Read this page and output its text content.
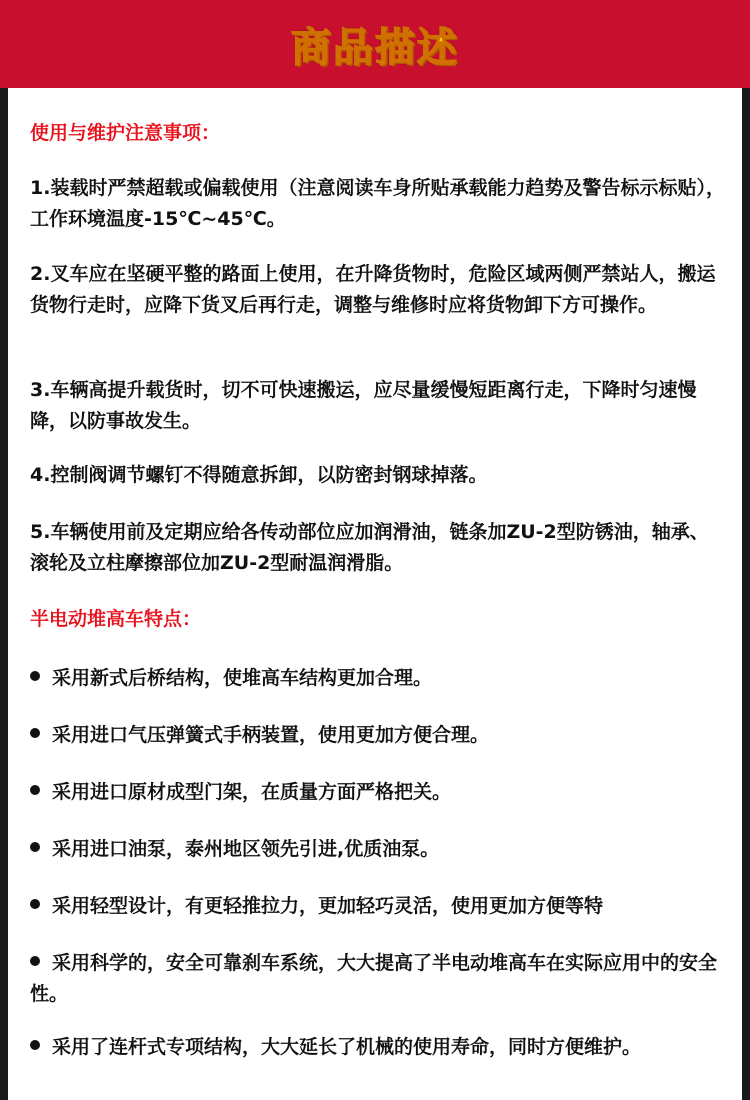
商品描述
使用与维护注意事项：
1.装载时严禁超载或偏载使用（注意阅读车身所贴承载能力趋势及警告标示标贴），工作环境温度-15℃~45℃。
2.叉车应在坚硬平整的路面上使用，在升降货物时，危险区域两侧严禁站人，搬运货物行走时，应降下货叉后再行走，调整与维修时应将货物卸下方可操作。
3.车辆高提升载货时，切不可快速搬运，应尽量缓慢短距离行走，下降时匀速慢降，以防事故发生。
4.控制阀调节螺钉不得随意拆卸，以防密封钢球掉落。
5.车辆使用前及定期应给各传动部位应加润滑油，链条加ZU-2型防锈油，轴承、滚轮及立柱摩擦部位加ZU-2型耐温润滑脂。
半电动堆高车特点：
采用新式后桥结构，使堆高车结构更加合理。
采用进口气压弹簧式手柄装置，使用更加方便合理。
采用进口原材成型门架，在质量方面严格把关。
采用进口油泵，泰州地区领先引进,优质油泵。
采用轻型设计，有更轻推拉力，更加轻巧灵活，使用更加方便等特
采用科学的，安全可靠刹车系统，大大提高了半电动堆高车在实际应用中的安全性。
采用了连杆式专项结构，大大延长了机械的使用寿命，同时方便维护。
